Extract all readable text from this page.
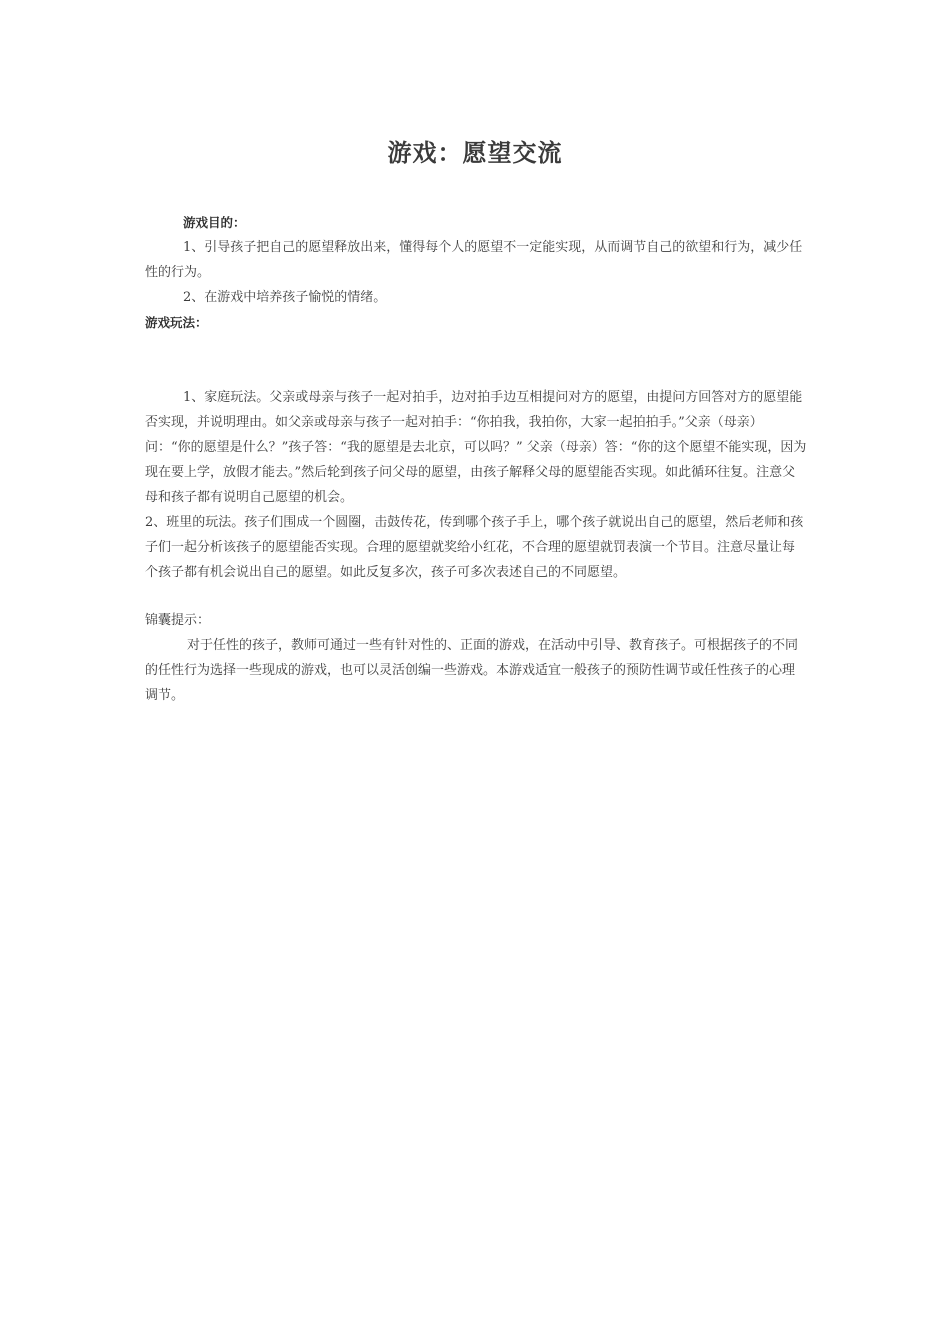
游戏：愿望交流

游戏目的：

1、引导孩子把自己的愿望释放出来，懂得每个人的愿望不一定能实现，从而调节自己的欲望和行为，减少任性的行为。

2、在游戏中培养孩子愉悦的情绪。

游戏玩法：

1、家庭玩法。父亲或母亲与孩子一起对拍手，边对拍手边互相提问对方的愿望，由提问方回答对方的愿望能否实现，并说明理由。如父亲或母亲与孩子一起对拍手：“你拍我，我拍你，大家一起拍拍手。”父亲（母亲）问：“你的愿望是什么？”孩子答：“我的愿望是去北京，可以吗？” 父亲（母亲）答：“你的这个愿望不能实现，因为现在要上学，放假才能去。”然后轮到孩子问父母的愿望，由孩子解释父母的愿望能否实现。如此循环往复。注意父母和孩子都有说明自己愿望的机会。

2、班里的玩法。孩子们围成一个圆圈，击鼓传花，传到哪个孩子手上，哪个孩子就说出自己的愿望，然后老师和孩子们一起分析该孩子的愿望能否实现。合理的愿望就奖给小红花，不合理的愿望就罚表演一个节目。注意尽量让每个孩子都有机会说出自己的愿望。如此反复多次，孩子可多次表述自己的不同愿望。

锦囊提示：

对于任性的孩子，教师可通过一些有针对性的、正面的游戏，在活动中引导、教育孩子。可根据孩子的不同的任性行为选择一些现成的游戏，也可以灵活创编一些游戏。本游戏适宜一般孩子的预防性调节或任性孩子的心理调节。
